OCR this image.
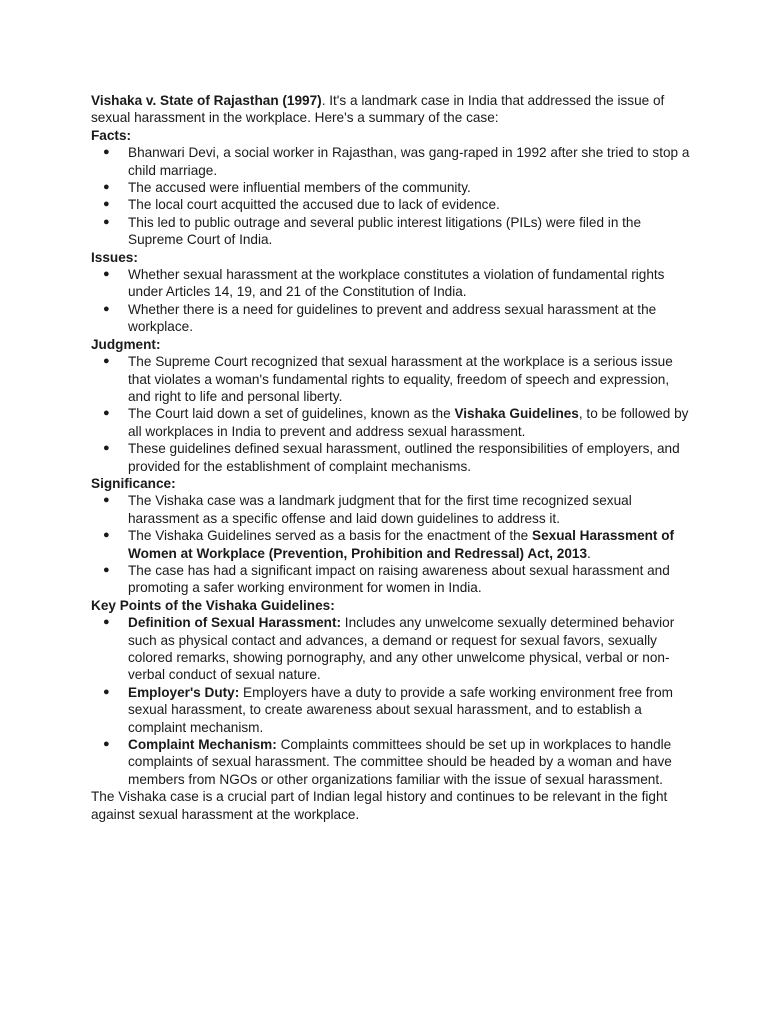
Vishaka v. State of Rajasthan (1997). It's a landmark case in India that addressed the issue of sexual harassment in the workplace. Here's a summary of the case:

Facts:

● Bhanwari Devi, a social worker in Rajasthan, was gang-raped in 1992 after she tried to stop a child marriage.
● The accused were influential members of the community.
● The local court acquitted the accused due to lack of evidence.
● This led to public outrage and several public interest litigations (PILs) were filed in the Supreme Court of India.

Issues:

● Whether sexual harassment at the workplace constitutes a violation of fundamental rights under Articles 14, 19, and 21 of the Constitution of India.
● Whether there is a need for guidelines to prevent and address sexual harassment at the workplace.

Judgment:

● The Supreme Court recognized that sexual harassment at the workplace is a serious issue that violates a woman's fundamental rights to equality, freedom of speech and expression, and right to life and personal liberty.
● The Court laid down a set of guidelines, known as the Vishaka Guidelines, to be followed by all workplaces in India to prevent and address sexual harassment.
● These guidelines defined sexual harassment, outlined the responsibilities of employers, and provided for the establishment of complaint mechanisms.

Significance:

● The Vishaka case was a landmark judgment that for the first time recognized sexual harassment as a specific offense and laid down guidelines to address it.
● The Vishaka Guidelines served as a basis for the enactment of the Sexual Harassment of Women at Workplace (Prevention, Prohibition and Redressal) Act, 2013.
● The case has had a significant impact on raising awareness about sexual harassment and promoting a safer working environment for women in India.

Key Points of the Vishaka Guidelines:

● Definition of Sexual Harassment: Includes any unwelcome sexually determined behavior such as physical contact and advances, a demand or request for sexual favors, sexually colored remarks, showing pornography, and any other unwelcome physical, verbal or non-verbal conduct of sexual nature.
● Employer's Duty: Employers have a duty to provide a safe working environment free from sexual harassment, to create awareness about sexual harassment, and to establish a complaint mechanism.
● Complaint Mechanism: Complaints committees should be set up in workplaces to handle complaints of sexual harassment. The committee should be headed by a woman and have members from NGOs or other organizations familiar with the issue of sexual harassment.

The Vishaka case is a crucial part of Indian legal history and continues to be relevant in the fight against sexual harassment at the workplace.
